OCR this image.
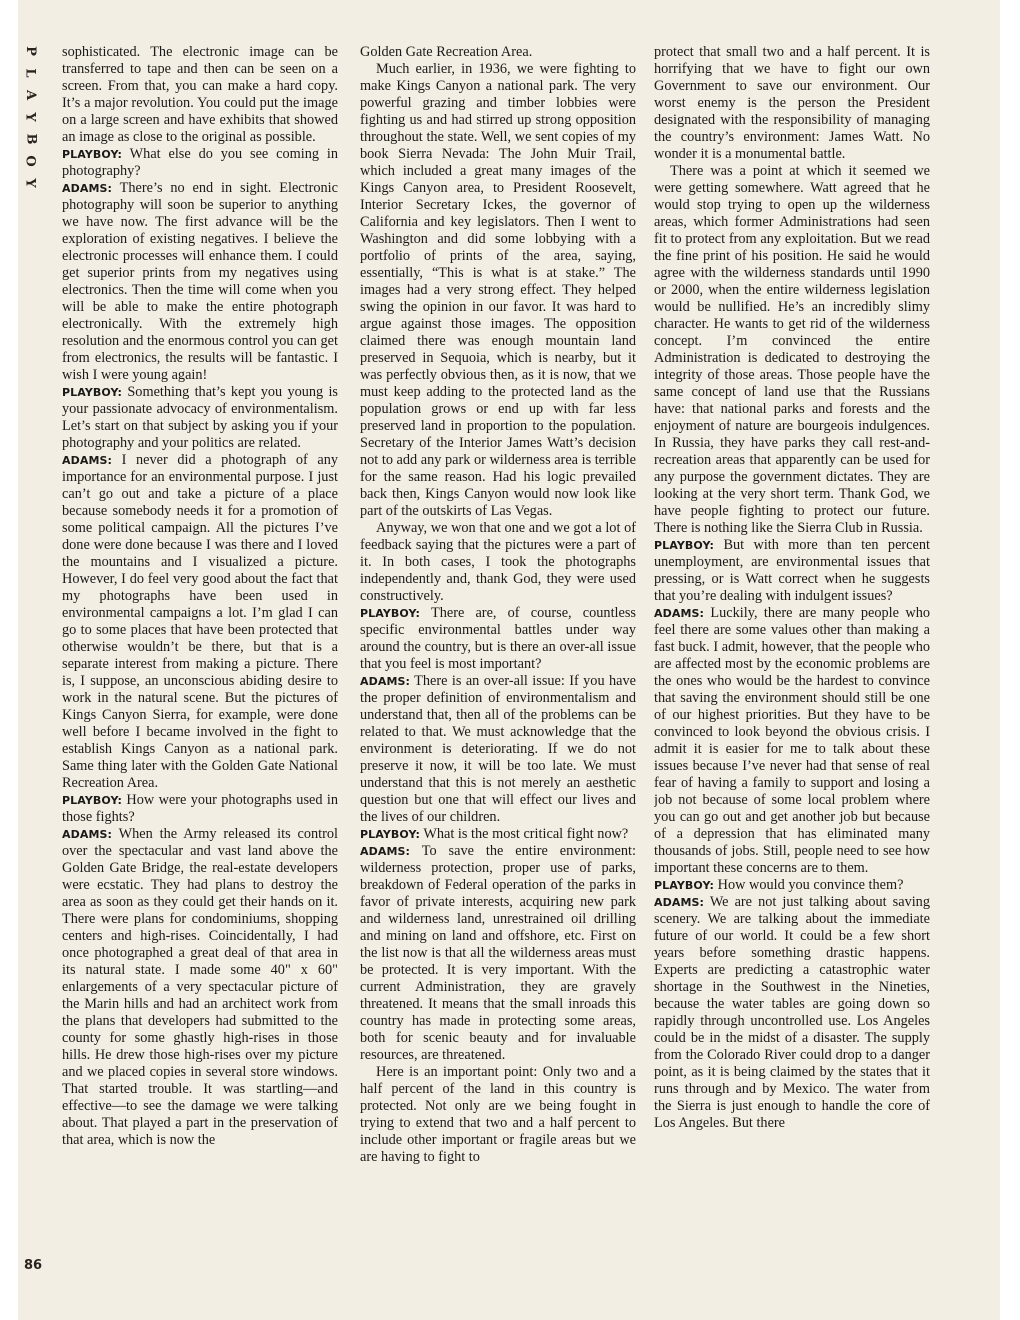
P
L
A
Y
B
O
Y

sophisticated. The electronic image can be transferred to tape and then can be seen on a screen. From that, you can make a hard copy. It’s a major revolution. You could put the image on a large screen and have exhibits that showed an image as close to the original as possible.

PLAYBOY: What else do you see coming in photography?

ADAMS: There’s no end in sight. Electronic photography will soon be superior to anything we have now. The first advance will be the exploration of existing negatives. I believe the electronic processes will enhance them. I could get superior prints from my negatives using electronics. Then the time will come when you will be able to make the entire photograph electronically. With the extremely high resolution and the enormous control you can get from electronics, the results will be fantastic. I wish I were young again!

PLAYBOY: Something that’s kept you young is your passionate advocacy of environmentalism. Let’s start on that subject by asking you if your photography and your politics are related.

ADAMS: I never did a photograph of any importance for an environmental purpose. I just can’t go out and take a picture of a place because somebody needs it for a promotion of some political campaign. All the pictures I’ve done were done because I was there and I loved the mountains and I visualized a picture. However, I do feel very good about the fact that my photographs have been used in environmental campaigns a lot. I’m glad I can go to some places that have been protected that otherwise wouldn’t be there, but that is a separate interest from making a picture. There is, I suppose, an unconscious abiding desire to work in the natural scene. But the pictures of Kings Canyon Sierra, for example, were done well before I became involved in the fight to establish Kings Canyon as a national park. Same thing later with the Golden Gate National Recreation Area.

PLAYBOY: How were your photographs used in those fights?

ADAMS: When the Army released its control over the spectacular and vast land above the Golden Gate Bridge, the real-estate developers were ecstatic. They had plans to destroy the area as soon as they could get their hands on it. There were plans for condominiums, shopping centers and high-rises. Coincidentally, I had once photographed a great deal of that area in its natural state. I made some 40" x 60" enlargements of a very spectacular picture of the Marin hills and had an architect work from the plans that developers had submitted to the county for some ghastly high-rises in those hills. He drew those high-rises over my picture and we placed copies in several store windows. That started trouble. It was startling—and effective—to see the damage we were talking about. That played a part in the preservation of that area, which is now the

Golden Gate Recreation Area.

Much earlier, in 1936, we were fighting to make Kings Canyon a national park. The very powerful grazing and timber lobbies were fighting us and had stirred up strong opposition throughout the state. Well, we sent copies of my book Sierra Nevada: The John Muir Trail, which included a great many images of the Kings Canyon area, to President Roosevelt, Interior Secretary Ickes, the governor of California and key legislators. Then I went to Washington and did some lobbying with a portfolio of prints of the area, saying, essentially, “This is what is at stake.” The images had a very strong effect. They helped swing the opinion in our favor. It was hard to argue against those images. The opposition claimed there was enough mountain land preserved in Sequoia, which is nearby, but it was perfectly obvious then, as it is now, that we must keep adding to the protected land as the population grows or end up with far less preserved land in proportion to the population. Secretary of the Interior James Watt’s decision not to add any park or wilderness area is terrible for the same reason. Had his logic prevailed back then, Kings Canyon would now look like part of the outskirts of Las Vegas.

Anyway, we won that one and we got a lot of feedback saying that the pictures were a part of it. In both cases, I took the photographs independently and, thank God, they were used constructively.

PLAYBOY: There are, of course, countless specific environmental battles under way around the country, but is there an over-all issue that you feel is most important?

ADAMS: There is an over-all issue: If you have the proper definition of environmentalism and understand that, then all of the problems can be related to that. We must acknowledge that the environment is deteriorating. If we do not preserve it now, it will be too late. We must understand that this is not merely an aesthetic question but one that will effect our lives and the lives of our children.

PLAYBOY: What is the most critical fight now?

ADAMS: To save the entire environment: wilderness protection, proper use of parks, breakdown of Federal operation of the parks in favor of private interests, acquiring new park and wilderness land, unrestrained oil drilling and mining on land and offshore, etc. First on the list now is that all the wilderness areas must be protected. It is very important. With the current Administration, they are gravely threatened. It means that the small inroads this country has made in protecting some areas, both for scenic beauty and for invaluable resources, are threatened.

Here is an important point: Only two and a half percent of the land in this country is protected. Not only are we being fought in trying to extend that two and a half percent to include other important or fragile areas but we are having to fight to

protect that small two and a half percent. It is horrifying that we have to fight our own Government to save our environment. Our worst enemy is the person the President designated with the responsibility of managing the country’s environment: James Watt. No wonder it is a monumental battle.

There was a point at which it seemed we were getting somewhere. Watt agreed that he would stop trying to open up the wilderness areas, which former Administrations had seen fit to protect from any exploitation. But we read the fine print of his position. He said he would agree with the wilderness standards until 1990 or 2000, when the entire wilderness legislation would be nullified. He’s an incredibly slimy character. He wants to get rid of the wilderness concept. I’m convinced the entire Administration is dedicated to destroying the integrity of those areas. Those people have the same concept of land use that the Russians have: that national parks and forests and the enjoyment of nature are bourgeois indulgences. In Russia, they have parks they call rest-and-recreation areas that apparently can be used for any purpose the government dictates. They are looking at the very short term. Thank God, we have people fighting to protect our future. There is nothing like the Sierra Club in Russia.

PLAYBOY: But with more than ten percent unemployment, are environmental issues that pressing, or is Watt correct when he suggests that you’re dealing with indulgent issues?

ADAMS: Luckily, there are many people who feel there are some values other than making a fast buck. I admit, however, that the people who are affected most by the economic problems are the ones who would be the hardest to convince that saving the environment should still be one of our highest priorities. But they have to be convinced to look beyond the obvious crisis. I admit it is easier for me to talk about these issues because I’ve never had that sense of real fear of having a family to support and losing a job not because of some local problem where you can go out and get another job but because of a depression that has eliminated many thousands of jobs. Still, people need to see how important these concerns are to them.

PLAYBOY: How would you convince them?

ADAMS: We are not just talking about saving scenery. We are talking about the immediate future of our world. It could be a few short years before something drastic happens. Experts are predicting a catastrophic water shortage in the Southwest in the Nineties, because the water tables are going down so rapidly through uncontrolled use. Los Angeles could be in the midst of a disaster. The supply from the Colorado River could drop to a danger point, as it is being claimed by the states that it runs through and by Mexico. The water from the Sierra is just enough to handle the core of Los Angeles. But there

86
